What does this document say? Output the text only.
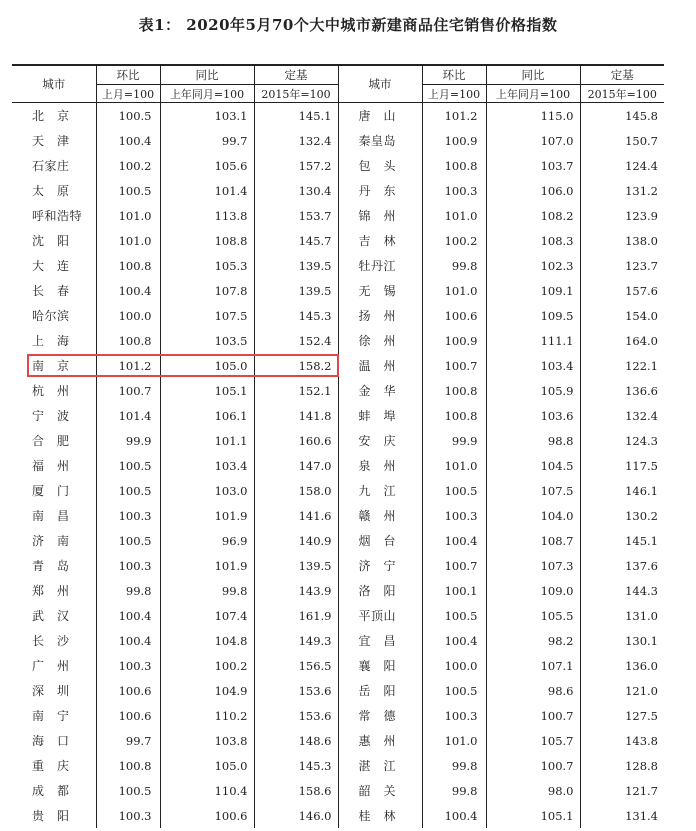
表1： 2020年5月70个大中城市新建商品住宅销售价格指数
城市	环比	同比	定基	城市	环比	同比	定基
	上月=100	上年同月=100	2015年=100		上月=100	上年同月=100	2015年=100
北　京	100.5	103.1	145.1	唐　山	101.2	115.0	145.8
天　津	100.4	99.7	132.4	秦皇岛	100.9	107.0	150.7
石家庄	100.2	105.6	157.2	包　头	100.8	103.7	124.4
太　原	100.5	101.4	130.4	丹　东	100.3	106.0	131.2
呼和浩特	101.0	113.8	153.7	锦　州	101.0	108.2	123.9
沈　阳	101.0	108.8	145.7	吉　林	100.2	108.3	138.0
大　连	100.8	105.3	139.5	牡丹江	99.8	102.3	123.7
长　春	100.4	107.8	139.5	无　锡	101.0	109.1	157.6
哈尔滨	100.0	107.5	145.3	扬　州	100.6	109.5	154.0
上　海	100.8	103.5	152.4	徐　州	100.9	111.1	164.0
南　京	101.2	105.0	158.2	温　州	100.7	103.4	122.1
杭　州	100.7	105.1	152.1	金　华	100.8	105.9	136.6
宁　波	101.4	106.1	141.8	蚌　埠	100.8	103.6	132.4
合　肥	99.9	101.1	160.6	安　庆	99.9	98.8	124.3
福　州	100.5	103.4	147.0	泉　州	101.0	104.5	117.5
厦　门	100.5	103.0	158.0	九　江	100.5	107.5	146.1
南　昌	100.3	101.9	141.6	赣　州	100.3	104.0	130.2
济　南	100.5	96.9	140.9	烟　台	100.4	108.7	145.1
青　岛	100.3	101.9	139.5	济　宁	100.7	107.3	137.6
郑　州	99.8	99.8	143.9	洛　阳	100.1	109.0	144.3
武　汉	100.4	107.4	161.9	平顶山	100.5	105.5	131.0
长　沙	100.4	104.8	149.3	宜　昌	100.4	98.2	130.1
广　州	100.3	100.2	156.5	襄　阳	100.0	107.1	136.0
深　圳	100.6	104.9	153.6	岳　阳	100.5	98.6	121.0
南　宁	100.6	110.2	153.6	常　德	100.3	100.7	127.5
海　口	99.7	103.8	148.6	惠　州	101.0	105.7	143.8
重　庆	100.8	105.0	145.3	湛　江	99.8	100.7	128.8
成　都	100.5	110.4	158.6	韶　关	99.8	98.0	121.7
贵　阳	100.3	100.6	146.0	桂　林	100.4	105.1	131.4
